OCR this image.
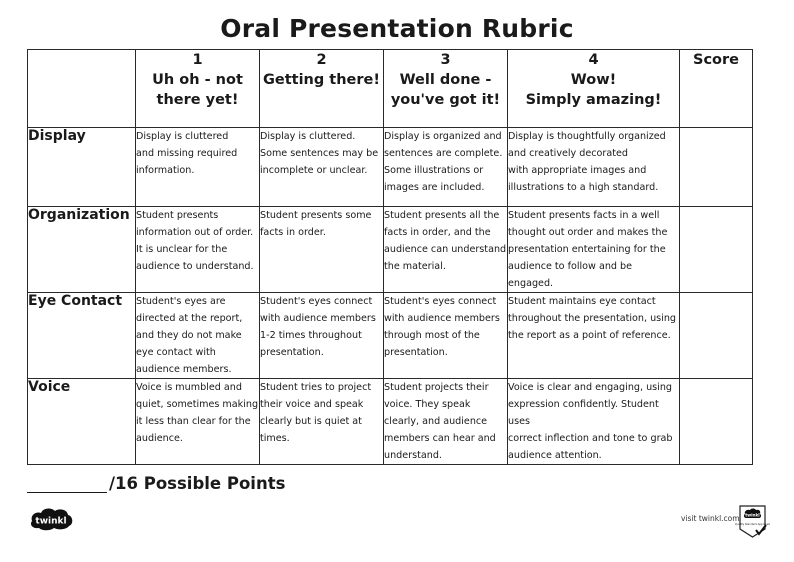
Oral Presentation Rubric

	1
Uh oh - not
there yet!	2
Getting there!	3
Well done -
you've got it!	4
Wow!
Simply amazing!	Score
Display	Display is cluttered
and missing required
information.	Display is cluttered.
Some sentences may be
incomplete or unclear.	Display is organized and
sentences are complete.
Some illustrations or
images are included.	Display is thoughtfully organized
and creatively decorated
with appropriate images and
illustrations to a high standard.	
Organization	Student presents
information out of order.
It is unclear for the
audience to understand.	Student presents some
facts in order.	Student presents all the
facts in order, and the
audience can understand
the material.	Student presents facts in a well
thought out order and makes the
presentation entertaining for the
audience to follow and be engaged.	
Eye Contact	Student's eyes are
directed at the report,
and they do not make
eye contact with
audience members.	Student's eyes connect
with audience members
1-2 times throughout
presentation.	Student's eyes connect
with audience members
through most of the
presentation.	Student maintains eye contact
throughout the presentation, using
the report as a point of reference.	
Voice	Voice is mumbled and
quiet, sometimes making
it less than clear for the
audience.	Student tries to project
their voice and speak
clearly but is quiet at
times.	Student projects their
voice. They speak
clearly, and audience
members can hear and
understand.	Voice is clear and engaging, using
expression confidently. Student uses
correct inflection and tone to grab
audience attention.	
/16 Possible Points
twinkl	visit twinkl.com twinkl
Quality Standard Approved
